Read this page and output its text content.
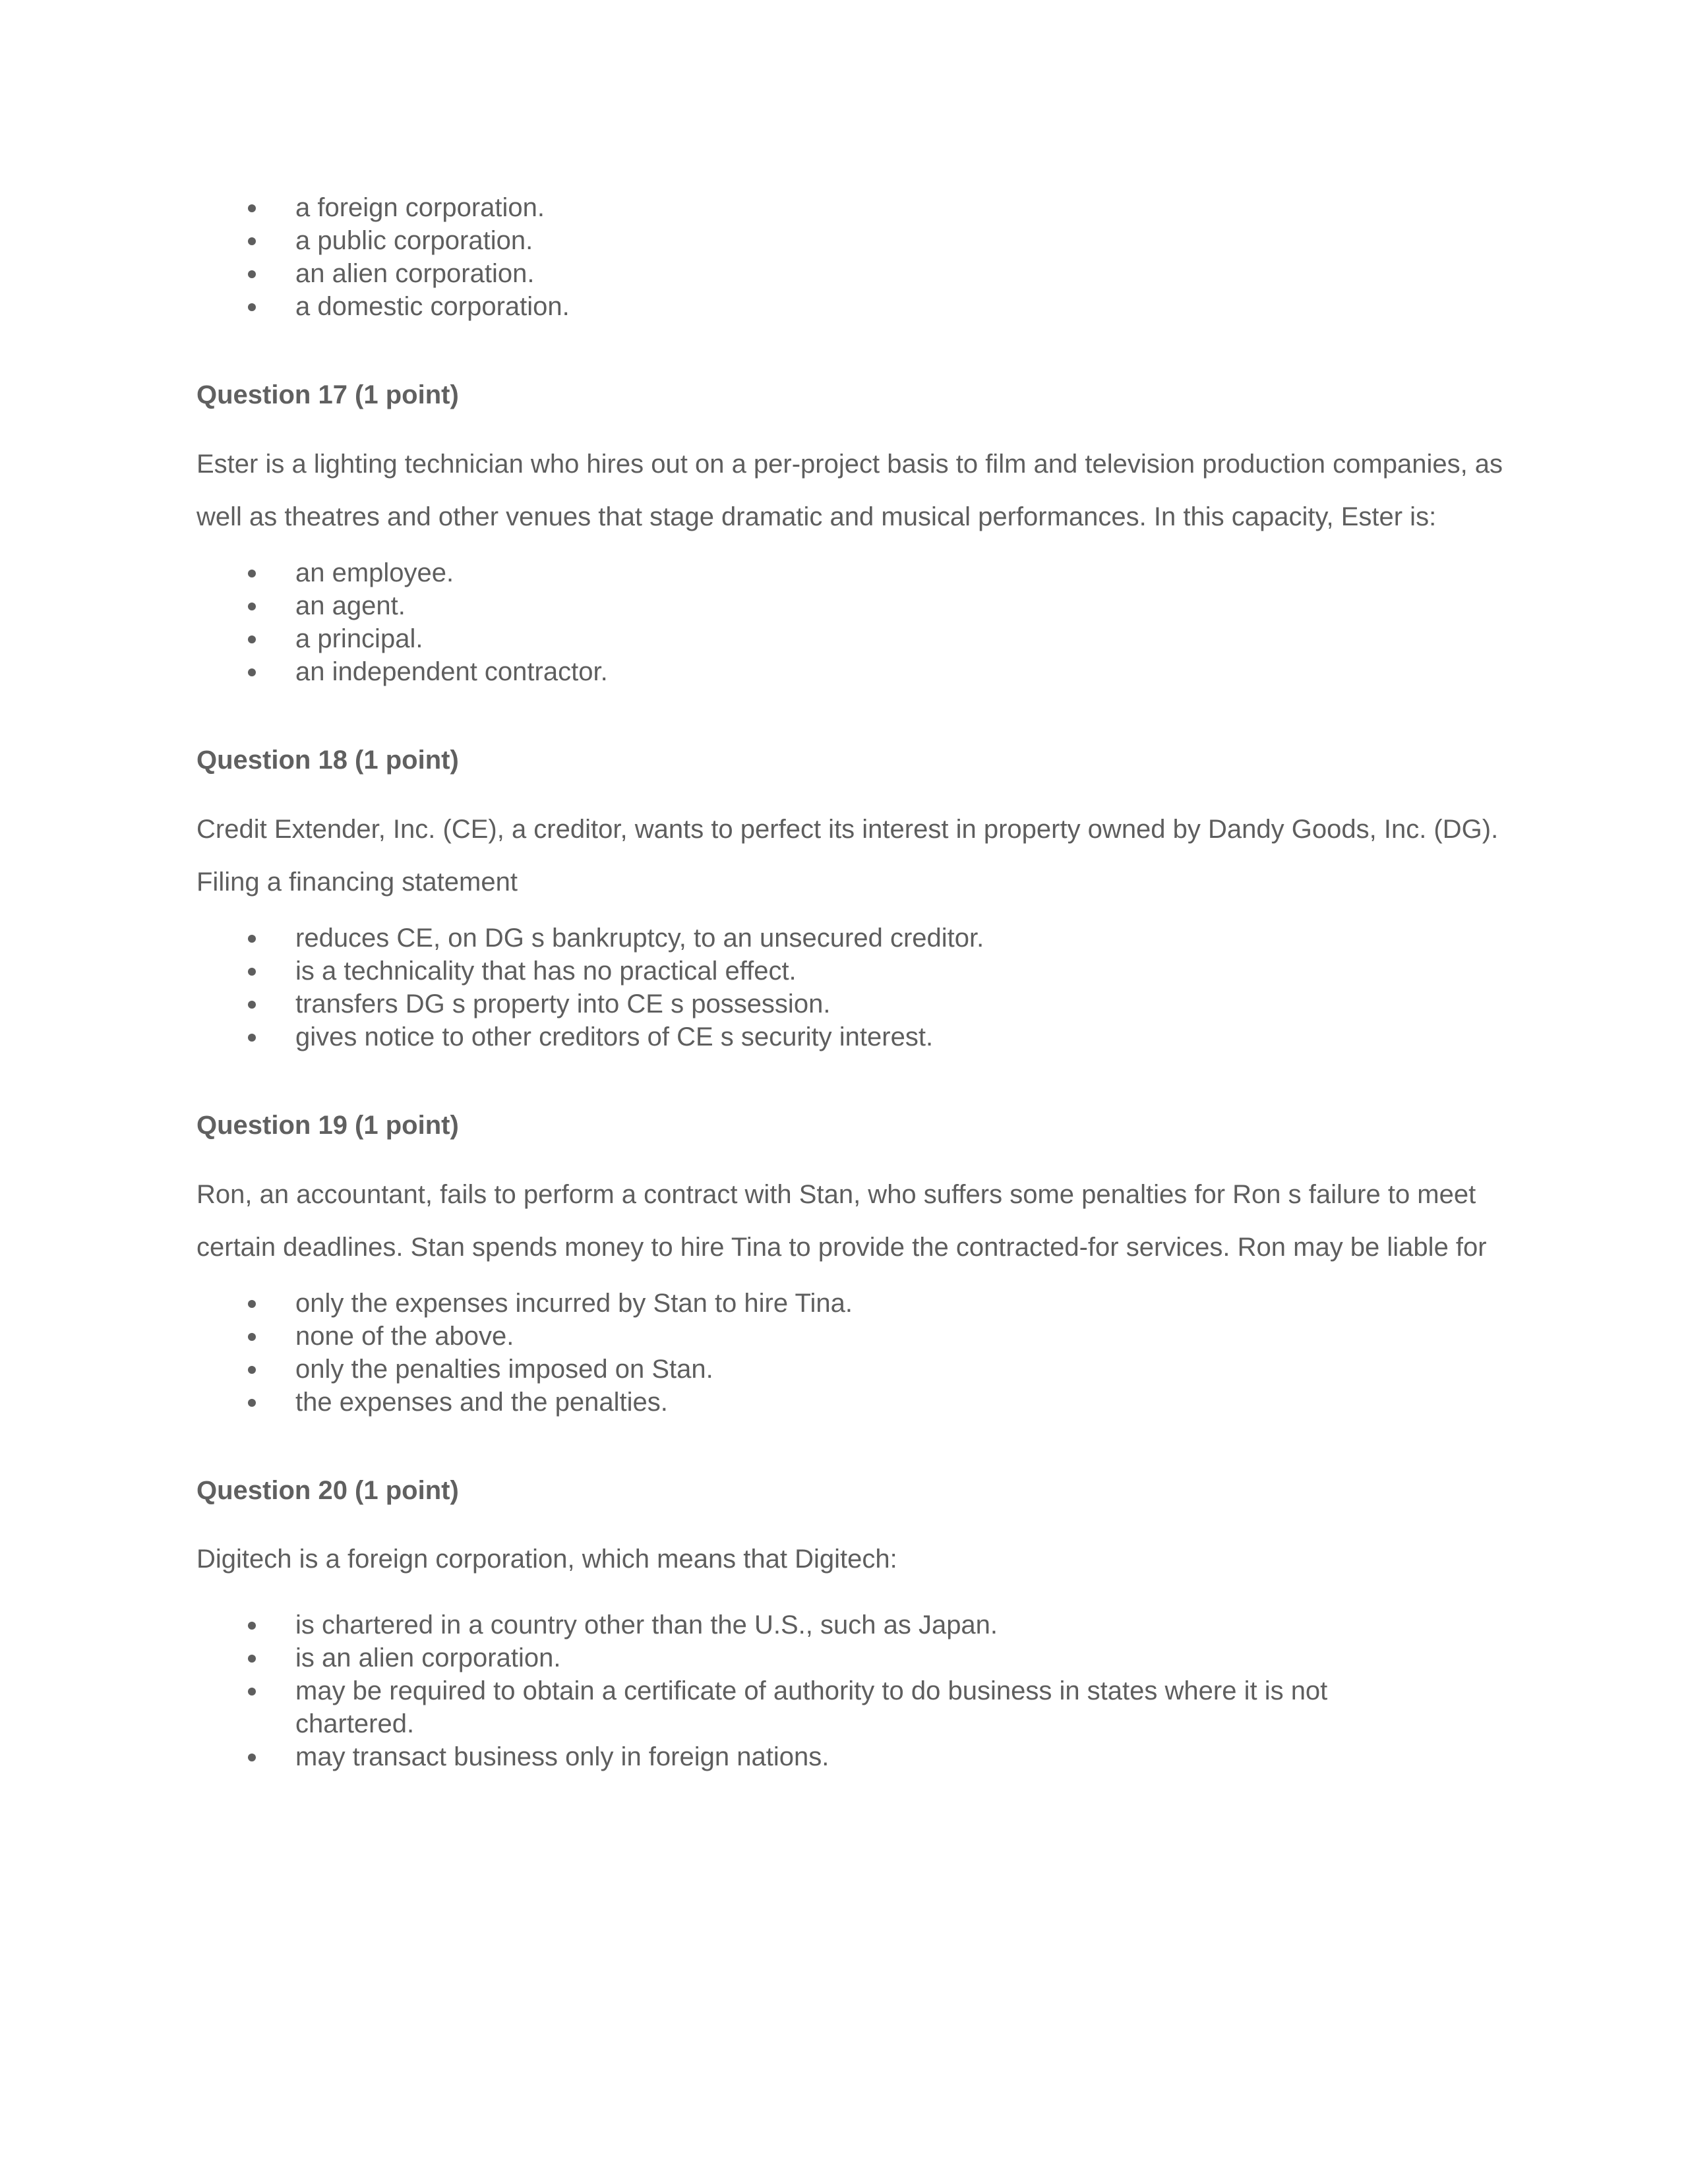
a foreign corporation.
a public corporation.
an alien corporation.
a domestic corporation.
Question 17 (1 point)

Ester is a lighting technician who hires out on a per-project basis to film and television production companies, as well as theatres and other venues that stage dramatic and musical performances. In this capacity, Ester is:

an employee.
an agent.
a principal.
an independent contractor.
Question 18 (1 point)

Credit Extender, Inc. (CE), a creditor, wants to perfect its interest in property owned by Dandy Goods, Inc. (DG). Filing a financing statement

reduces CE, on DG s bankruptcy, to an unsecured creditor.
is a technicality that has no practical effect.
transfers DG s property into CE s possession.
gives notice to other creditors of CE s security interest.
Question 19 (1 point)

Ron, an accountant, fails to perform a contract with Stan, who suffers some penalties for Ron s failure to meet certain deadlines. Stan spends money to hire Tina to provide the contracted-for services. Ron may be liable for

only the expenses incurred by Stan to hire Tina.
none of the above.
only the penalties imposed on Stan.
the expenses and the penalties.
Question 20 (1 point)

Digitech is a foreign corporation, which means that Digitech:

is chartered in a country other than the U.S., such as Japan.
is an alien corporation.
may be required to obtain a certificate of authority to do business in states where it is not chartered.
may transact business only in foreign nations.
